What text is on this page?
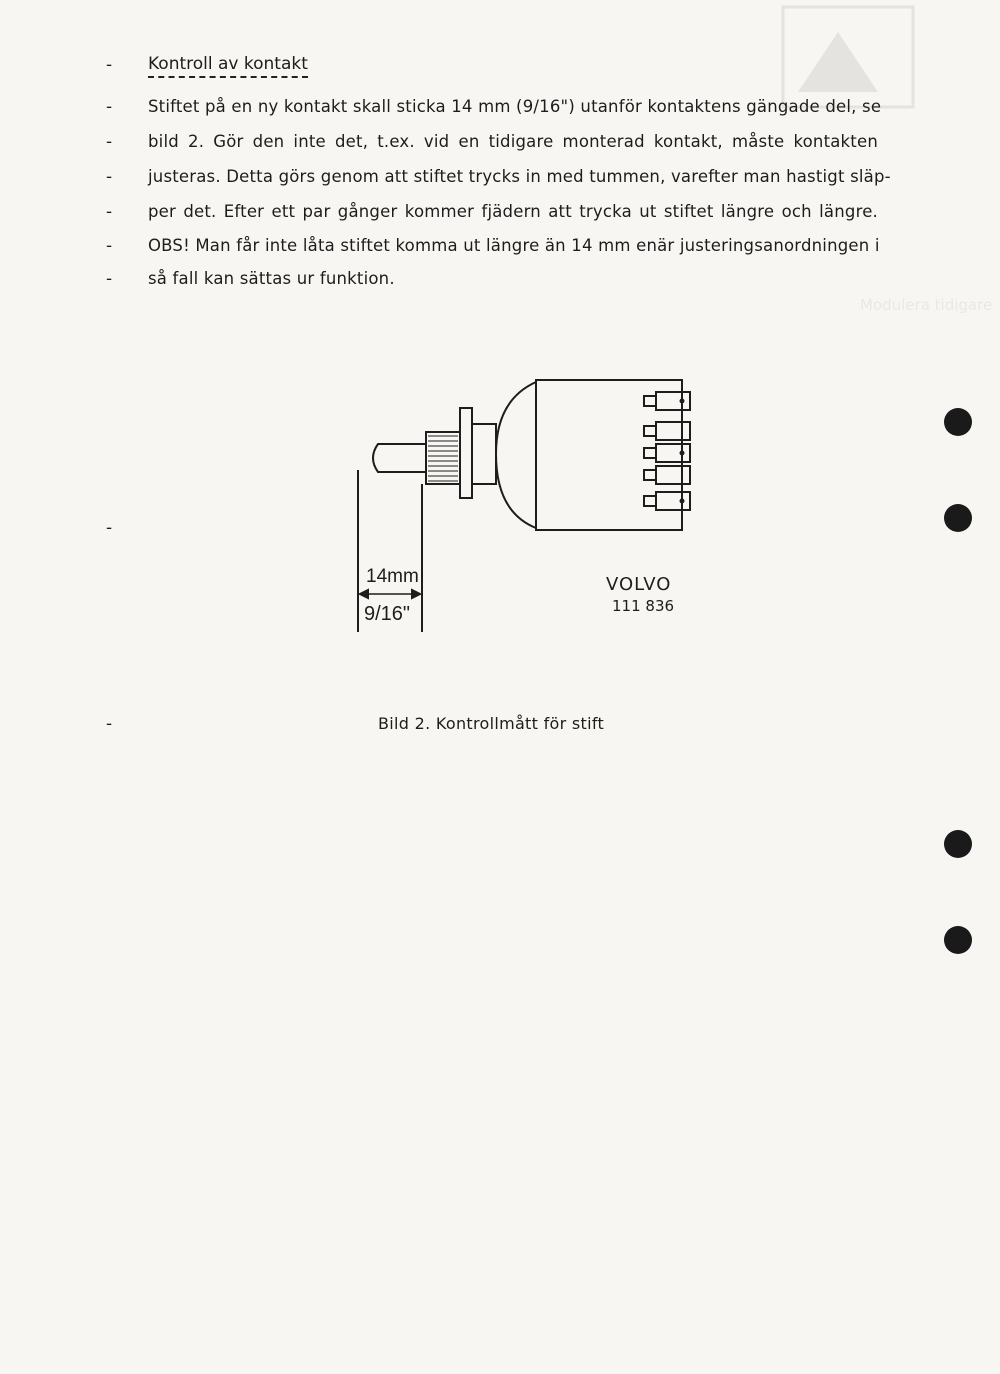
Modulera tidigare
-
-
-
-
-
-
-
-
-
Kontroll av kontakt
Stiftet på en ny kontakt skall sticka 14 mm (9/16") utanför kontaktens gängade del, se
bild 2. Gör den inte det, t.ex. vid en tidigare monterad kontakt, måste kontakten
justeras. Detta görs genom att stiftet trycks in med tummen, varefter man hastigt släp-
per det. Efter ett par gånger kommer fjädern att trycka ut stiftet längre och längre.
OBS! Man får inte låta stiftet komma ut längre än 14 mm enär justeringsanordningen i
så fall kan sättas ur funktion.
14mm
9/16"
VOLVO
111 836
Bild 2. Kontrollmått för stift
